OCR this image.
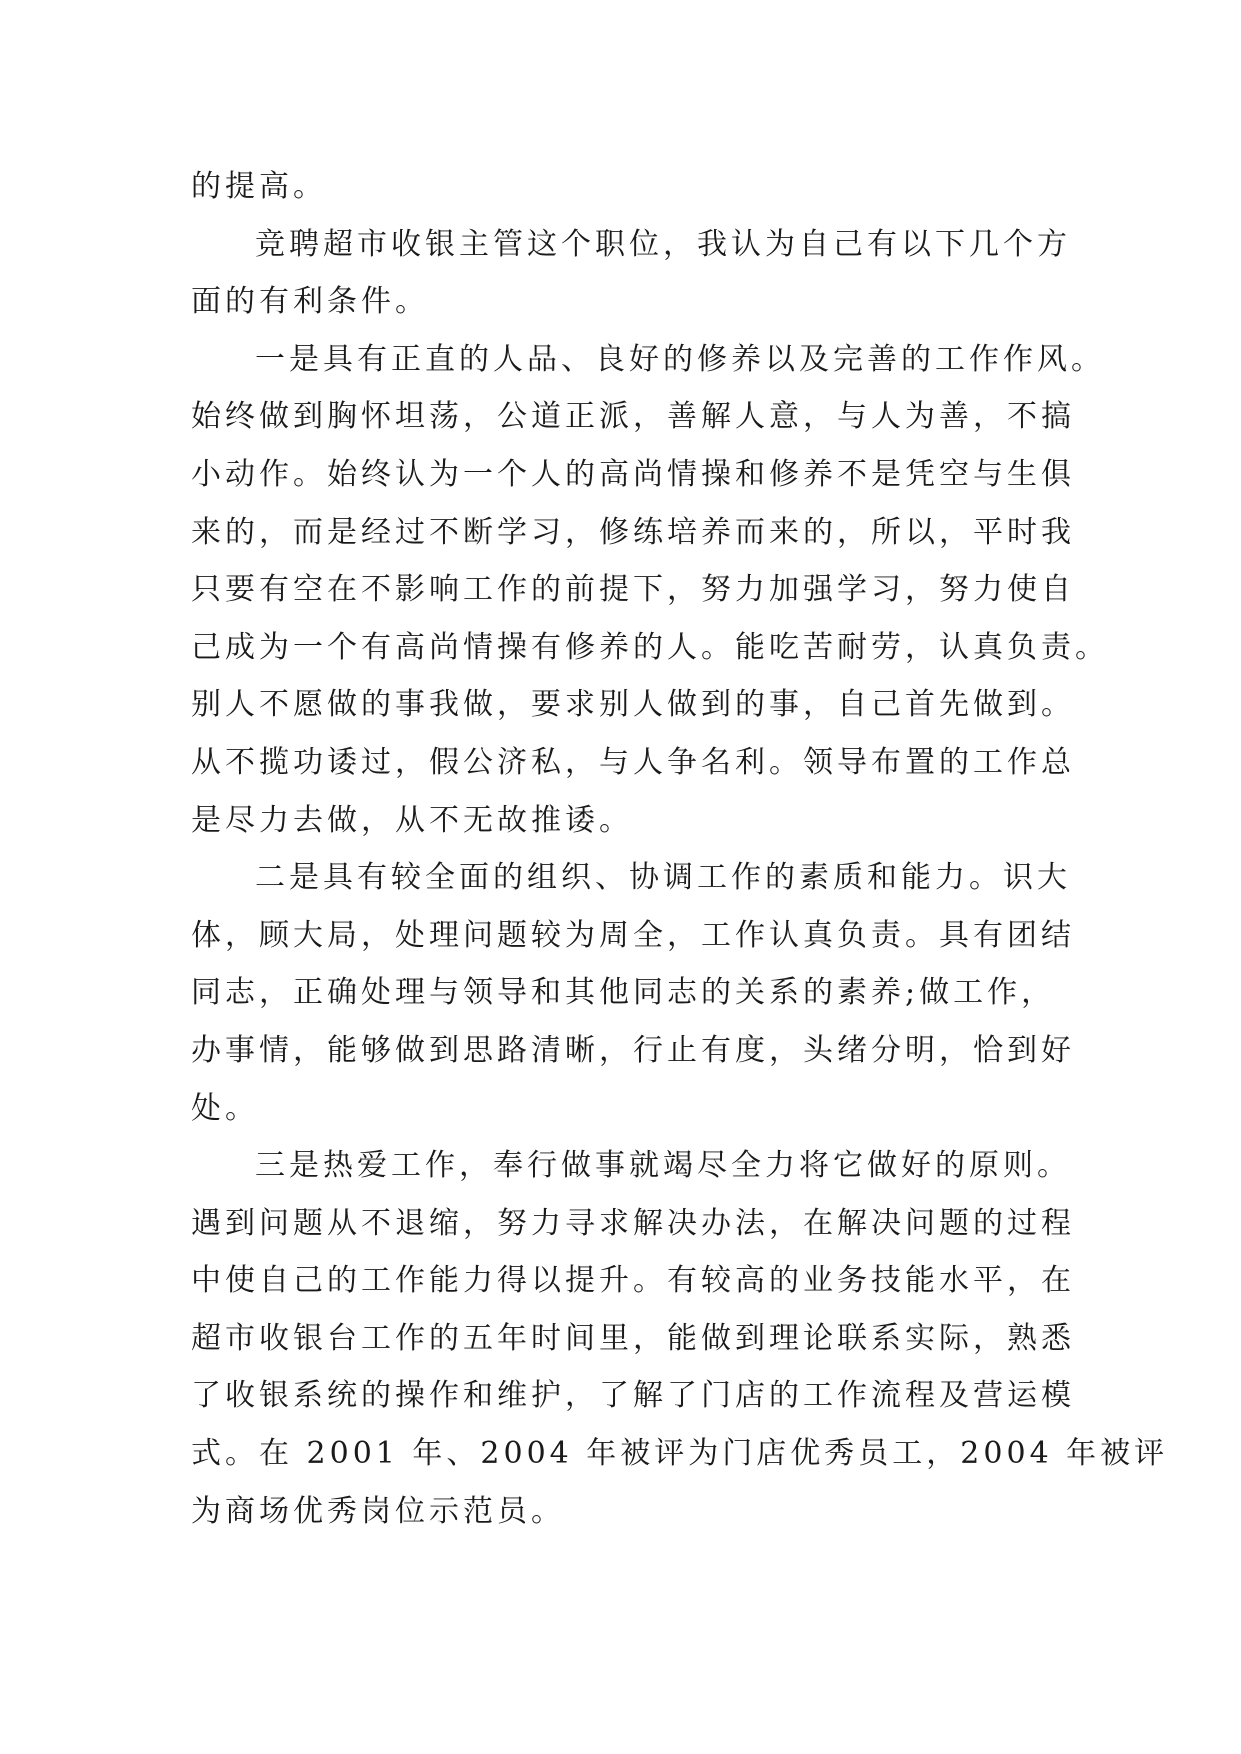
的提高。
竞聘超市收银主管这个职位，我认为自己有以下几个方
面的有利条件。
一是具有正直的人品、良好的修养以及完善的工作作风。
始终做到胸怀坦荡，公道正派，善解人意，与人为善，不搞
小动作。始终认为一个人的高尚情操和修养不是凭空与生俱
来的，而是经过不断学习，修练培养而来的，所以，平时我
只要有空在不影响工作的前提下，努力加强学习，努力使自
己成为一个有高尚情操有修养的人。能吃苦耐劳，认真负责。
别人不愿做的事我做，要求别人做到的事，自己首先做到。
从不揽功诿过，假公济私，与人争名利。领导布置的工作总
是尽力去做，从不无故推诿。
二是具有较全面的组织、协调工作的素质和能力。识大
体，顾大局，处理问题较为周全，工作认真负责。具有团结
同志，正确处理与领导和其他同志的关系的素养;做工作，
办事情，能够做到思路清晰，行止有度，头绪分明，恰到好
处。
三是热爱工作，奉行做事就竭尽全力将它做好的原则。
遇到问题从不退缩，努力寻求解决办法，在解决问题的过程
中使自己的工作能力得以提升。有较高的业务技能水平，在
超市收银台工作的五年时间里，能做到理论联系实际，熟悉
了收银系统的操作和维护，了解了门店的工作流程及营运模
式。在 2001 年、2004 年被评为门店优秀员工，2004 年被评
为商场优秀岗位示范员。
